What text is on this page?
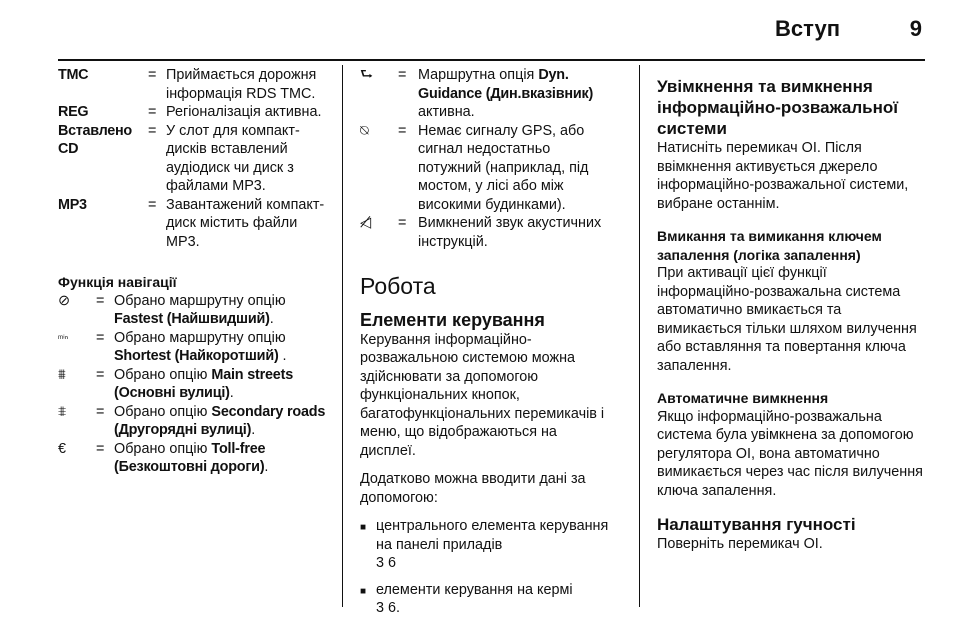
Вступ	9
TMC	= Приймається дорожня інформація RDS TMC.
REG	= Регіоналізація активна.
Вставлено CD
= У слот для компакт-дисків вставлений аудіодиск чи диск з файлами MP3.
MP3	= Завантажений компакт-диск містить файли MP3.
Функція навігації
⊘	= Обрано маршрутну опцію Fastest (Найшвидший).
ᵐⁱⁿ	= Обрано маршрутну опцію Shortest (Найкоротший) .
⩩	= Обрано опцію Main streets (Основні вулиці).
⩨	= Обрано опцію Secondary roads (Другорядні вулиці).
€	= Обрано опцію Toll-free (Безкоштовні дороги).
⮑	= Маршрутна опція Dyn. Guidance (Дин.вказівник) активна.
⍉	= Немає сигналу GPS, або сигнал недостатньо потужний (наприклад, під мостом, у лісі або між високими будинками).
◁̸	= Вимкнений звук акустичних інструкцій.
Робота
Елементи керування

Керування інформаційно-розважальною системою можна здійснювати за допомогою функціональних кнопок, багатофункціональних перемикачів і меню, що відображаються на дисплеї.

Додатково можна вводити дані за допомогою:

■ центрального елемента керування на панелі приладів
3 6
■ елементи керування на кермі
3 6.
Увімкнення та вимкнення інформаційно-розважальної системи

Натисніть перемикач OI. Після ввімкнення активується джерело інформаційно-розважальної системи, вибране останнім.

Вмикання та вимикання ключем запалення (логіка запалення)

При активації цієї функції інформаційно-розважальна система автоматично вмикається та вимикається тільки шляхом вилучення або вставляння та повертання ключа запалення.

Автоматичне вимкнення

Якщо інформаційно-розважальна система була увімкнена за допомогою регулятора OI, вона автоматично вимикається через час після вилучення ключа запалення.

Налаштування гучності

Поверніть перемикач OI.
